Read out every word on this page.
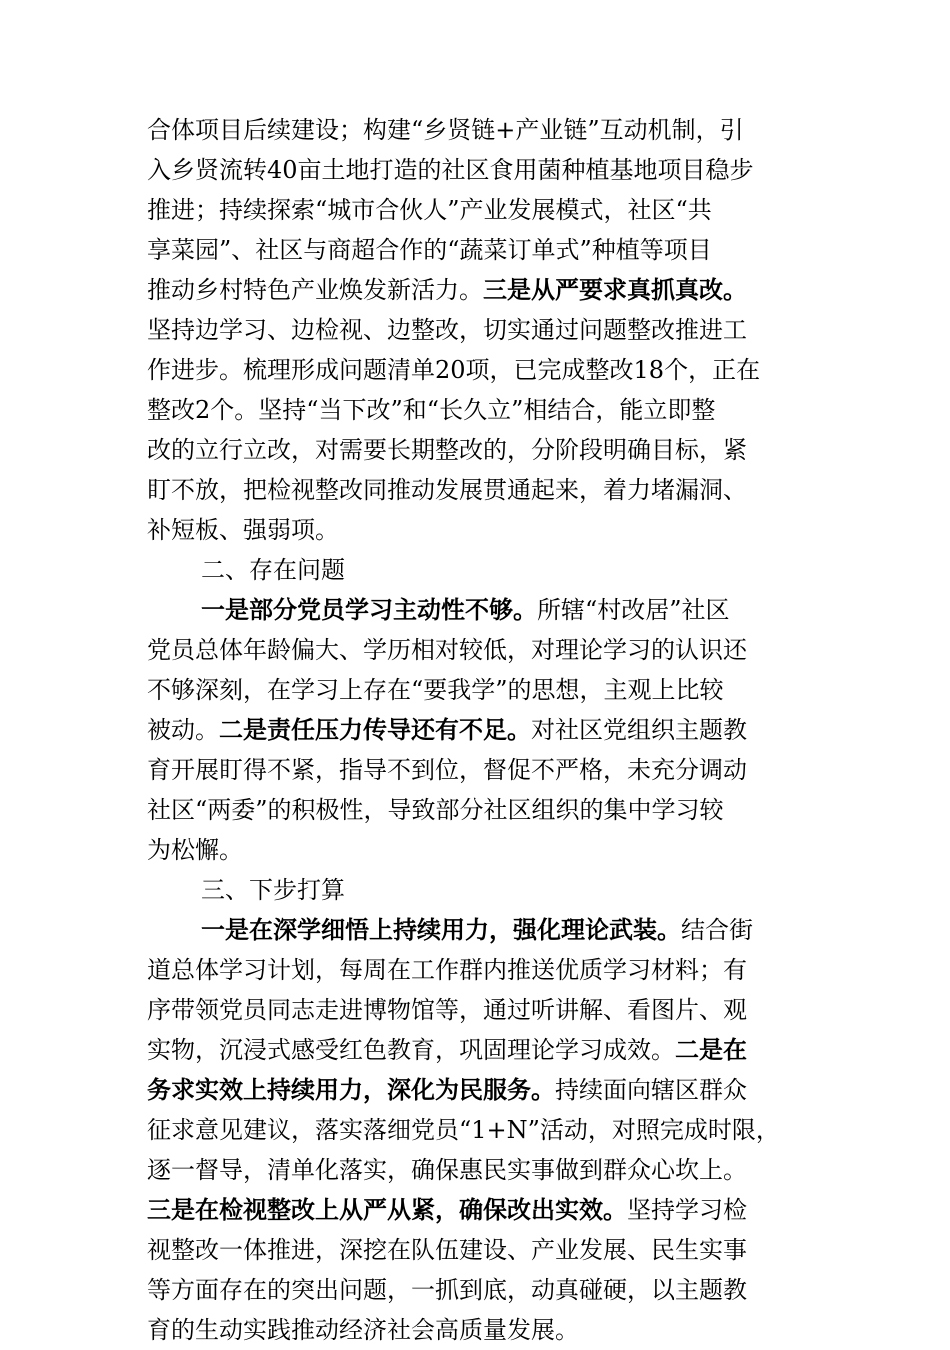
合体项目后续建设；构建“乡贤链+产业链”互动机制，引
入乡贤流转40亩土地打造的社区食用菌种植基地项目稳步
推进；持续探索“城市合伙人”产业发展模式，社区“共
享菜园”、社区与商超合作的“蔬菜订单式”种植等项目
推动乡村特色产业焕发新活力。三是从严要求真抓真改。
坚持边学习、边检视、边整改，切实通过问题整改推进工
作进步。梳理形成问题清单20项，已完成整改18个，正在
整改2个。坚持“当下改”和“长久立”相结合，能立即整
改的立行立改，对需要长期整改的，分阶段明确目标，紧
盯不放，把检视整改同推动发展贯通起来，着力堵漏洞、
补短板、强弱项。
二、存在问题
一是部分党员学习主动性不够。所辖“村改居”社区
党员总体年龄偏大、学历相对较低，对理论学习的认识还
不够深刻，在学习上存在“要我学”的思想，主观上比较
被动。二是责任压力传导还有不足。对社区党组织主题教
育开展盯得不紧，指导不到位，督促不严格，未充分调动
社区“两委”的积极性，导致部分社区组织的集中学习较
为松懈。
三、下步打算
一是在深学细悟上持续用力，强化理论武装。结合街
道总体学习计划，每周在工作群内推送优质学习材料；有
序带领党员同志走进博物馆等，通过听讲解、看图片、观
实物，沉浸式感受红色教育，巩固理论学习成效。二是在
务求实效上持续用力，深化为民服务。持续面向辖区群众
征求意见建议，落实落细党员“1+N”活动，对照完成时限，
逐一督导，清单化落实，确保惠民实事做到群众心坎上。
三是在检视整改上从严从紧，确保改出实效。坚持学习检
视整改一体推进，深挖在队伍建设、产业发展、民生实事
等方面存在的突出问题，一抓到底，动真碰硬，以主题教
育的生动实践推动经济社会高质量发展。
